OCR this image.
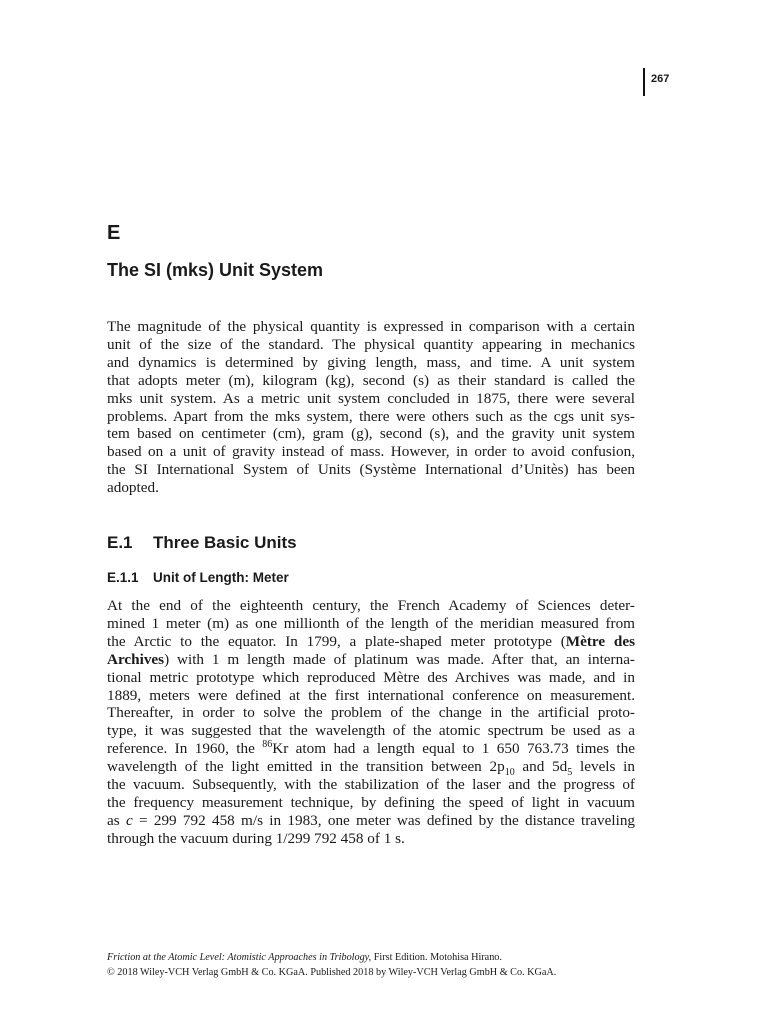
267
E
The SI (mks) Unit System
The magnitude of the physical quantity is expressed in comparison with a certain
unit of the size of the standard. The physical quantity appearing in mechanics
and dynamics is determined by giving length, mass, and time. A unit system
that adopts meter (m), kilogram (kg), second (s) as their standard is called the
mks unit system. As a metric unit system concluded in 1875, there were several
problems. Apart from the mks system, there were others such as the cgs unit sys-
tem based on centimeter (cm), gram (g), second (s), and the gravity unit system
based on a unit of gravity instead of mass. However, in order to avoid confusion,
the SI International System of Units (Système International d’Unitès) has been
adopted.
E.1 Three Basic Units
E.1.1 Unit of Length: Meter
At the end of the eighteenth century, the French Academy of Sciences deter-
mined 1 meter (m) as one millionth of the length of the meridian measured from
the Arctic to the equator. In 1799, a plate-shaped meter prototype (Mètre des
Archives) with 1 m length made of platinum was made. After that, an interna-
tional metric prototype which reproduced Mètre des Archives was made, and in
1889, meters were defined at the first international conference on measurement.
Thereafter, in order to solve the problem of the change in the artificial proto-
type, it was suggested that the wavelength of the atomic spectrum be used as a
reference. In 1960, the $^{86}$Kr atom had a length equal to 1 650 763.73 times the
wavelength of the light emitted in the transition between $2p_{10}$ and $5d_5$ levels in
the vacuum. Subsequently, with the stabilization of the laser and the progress of
the frequency measurement technique, by defining the speed of light in vacuum
as c = 299 792 458 m/s in 1983, one meter was defined by the distance traveling
through the vacuum during 1/299 792 458 of 1 s.
Friction at the Atomic Level: Atomistic Approaches in Tribology, First Edition. Motohisa Hirano.
© 2018 Wiley-VCH Verlag GmbH & Co. KGaA. Published 2018 by Wiley-VCH Verlag GmbH & Co. KGaA.
